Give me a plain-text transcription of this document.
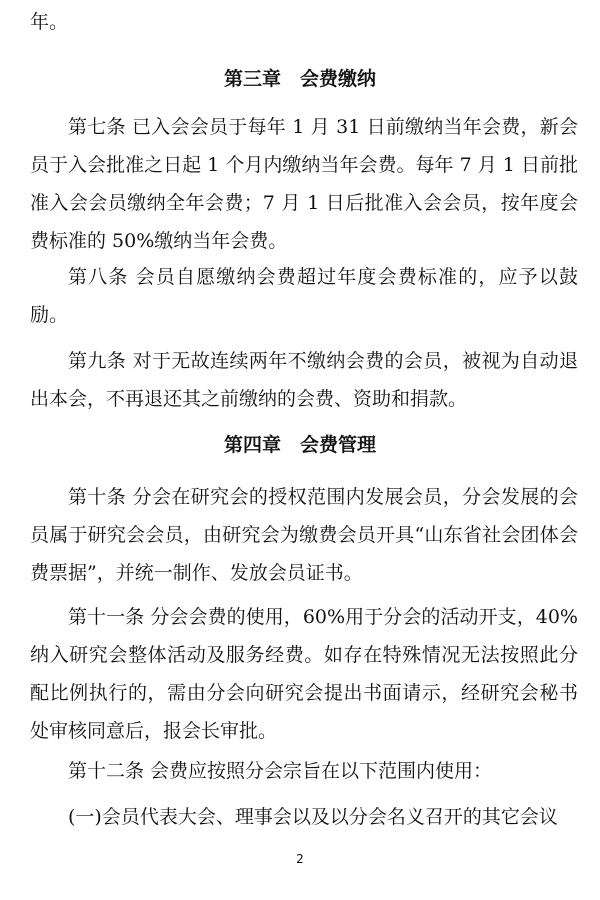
年。
第三章　会费缴纳
第七条 已入会会员于每年 1 月 31 日前缴纳当年会费，新会员于入会批准之日起 1 个月内缴纳当年会费。每年 7 月 1 日前批准入会会员缴纳全年会费；7 月 1 日后批准入会会员，按年度会费标准的 50%缴纳当年会费。
第八条 会员自愿缴纳会费超过年度会费标准的，应予以鼓励。
第九条 对于无故连续两年不缴纳会费的会员，被视为自动退出本会，不再退还其之前缴纳的会费、资助和捐款。
第四章　会费管理
第十条 分会在研究会的授权范围内发展会员，分会发展的会员属于研究会会员，由研究会为缴费会员开具“山东省社会团体会费票据”，并统一制作、发放会员证书。
第十一条 分会会费的使用，60%用于分会的活动开支，40%纳入研究会整体活动及服务经费。如存在特殊情况无法按照此分配比例执行的，需由分会向研究会提出书面请示，经研究会秘书处审核同意后，报会长审批。
第十二条 会费应按照分会宗旨在以下范围内使用：
(一)会员代表大会、理事会以及以分会名义召开的其它会议
2
